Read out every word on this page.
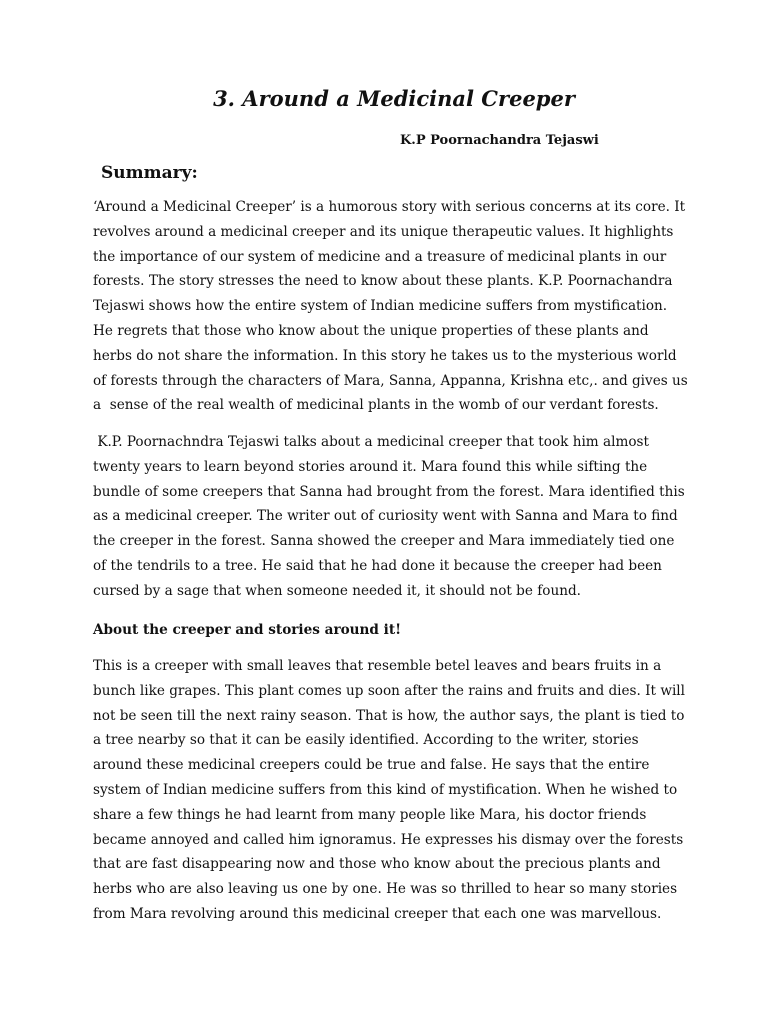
3. Around a Medicinal Creeper

K.P Poornachandra Tejaswi

Summary:

‘Around a Medicinal Creeper’ is a humorous story with serious concerns at its core. It
revolves around a medicinal creeper and its unique therapeutic values. It highlights
the importance of our system of medicine and a treasure of medicinal plants in our
forests. The story stresses the need to know about these plants. K.P. Poornachandra
Tejaswi shows how the entire system of Indian medicine suffers from mystification.
He regrets that those who know about the unique properties of these plants and
herbs do not share the information. In this story he takes us to the mysterious world
of forests through the characters of Mara, Sanna, Appanna, Krishna etc,. and gives us
a  sense of the real wealth of medicinal plants in the womb of our verdant forests.

K.P. Poornachndra Tejaswi talks about a medicinal creeper that took him almost
twenty years to learn beyond stories around it. Mara found this while sifting the
bundle of some creepers that Sanna had brought from the forest. Mara identified this
as a medicinal creeper. The writer out of curiosity went with Sanna and Mara to find
the creeper in the forest. Sanna showed the creeper and Mara immediately tied one
of the tendrils to a tree. He said that he had done it because the creeper had been
cursed by a sage that when someone needed it, it should not be found.

About the creeper and stories around it!

This is a creeper with small leaves that resemble betel leaves and bears fruits in a
bunch like grapes. This plant comes up soon after the rains and fruits and dies. It will
not be seen till the next rainy season. That is how, the author says, the plant is tied to
a tree nearby so that it can be easily identified. According to the writer, stories
around these medicinal creepers could be true and false. He says that the entire
system of Indian medicine suffers from this kind of mystification. When he wished to
share a few things he had learnt from many people like Mara, his doctor friends
became annoyed and called him ignoramus. He expresses his dismay over the forests
that are fast disappearing now and those who know about the precious plants and
herbs who are also leaving us one by one. He was so thrilled to hear so many stories
from Mara revolving around this medicinal creeper that each one was marvellous.
